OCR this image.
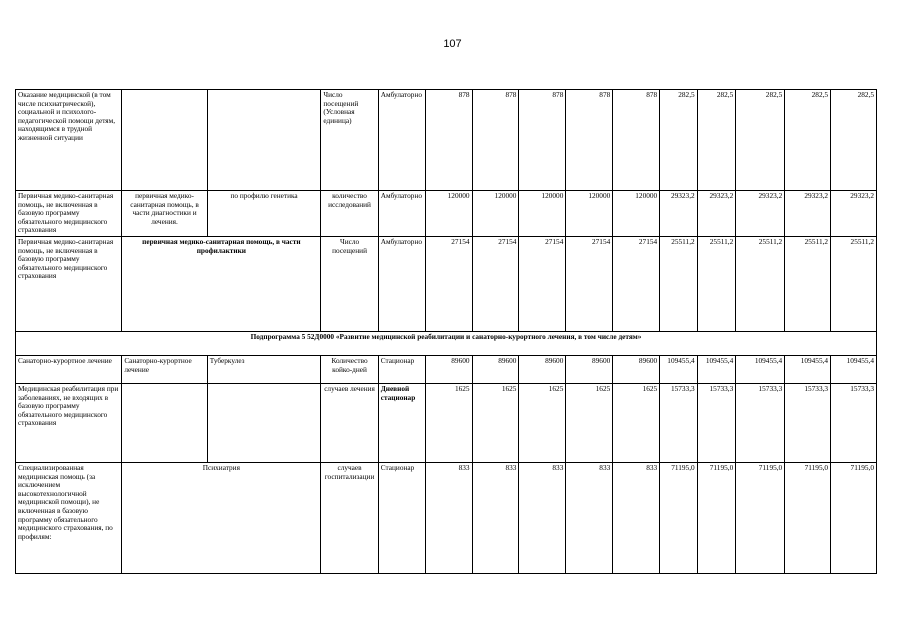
107
Оказание медицинской (в том числе психиатрической), социальной и психолого-педагогической помощи детям, находящимся в трудной жизненной ситуации			Число посещений (Условная единица)	Амбулаторно	878	878	878	878	878	282,5	282,5	282,5	282,5	282,5
Первичная медико-санитарная помощь, не включенная в базовую программу обязательного медицинского страхования	первичная медико-санитарная помощь, в части диагностики и лечения.	по профилю генетика	количество исследований	Амбулаторно	120000	120000	120000	120000	120000	29323,2	29323,2	29323,2	29323,2	29323,2
Первичная медико-санитарная помощь, не включенная в базовую программу обязательного медицинского страхования	первичная медико-санитарная помощь, в части профилактики		Число посещений	Амбулаторно	27154	27154	27154	27154	27154	25511,2	25511,2	25511,2	25511,2	25511,2
Подпрограмма 5 52Д0000 «Развитие медицинской реабилитации и санаторно-курортного лечения, в том числе детям»														
Санаторно-курортное лечение	Санаторно-курортное лечение	Туберкулез	Количество койко-дней	Стационар	89600	89600	89600	89600	89600	109455,4	109455,4	109455,4	109455,4	109455,4
Медицинская реабилитация при заболеваниях, не входящих в базовую программу обязательного медицинского страхования			случаев лечения	Дневной стационар	1625	1625	1625	1625	1625	15733,3	15733,3	15733,3	15733,3	15733,3
Специализированная медицинская помощь (за исключением высокотехнологичной медицинской помощи), не включенная в базовую программу обязательного медицинского страхования, по профилям:	Психиатрия		случаев госпитализации	Стационар	833	833	833	833	833	71195,0	71195,0	71195,0	71195,0	71195,0
